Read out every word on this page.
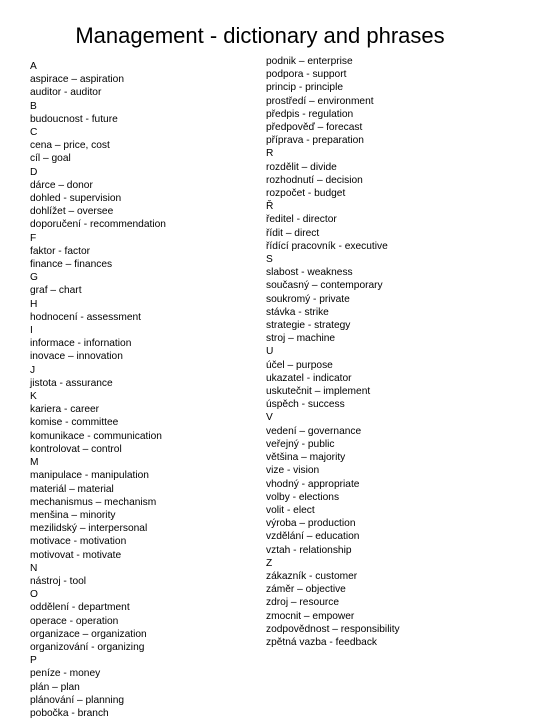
Management - dictionary and phrases
A
aspirace – aspiration
auditor - auditor
B
budoucnost - future
C
cena – price, cost
cíl – goal
D
dárce – donor
dohled - supervision
dohlížet – oversee
doporučení - recommendation
F
faktor - factor
finance – finances
G
graf – chart
H
hodnocení - assessment
I
informace - infornation
inovace – innovation
J
jistota - assurance
K
kariera - career
komise - committee
komunikace - communication
kontrolovat – control
M
manipulace - manipulation
materiál – material
mechanismus – mechanism
menšina – minority
mezilidský – interpersonal
motivace - motivation
motivovat - motivate
N
nástroj - tool
O
oddělení - department
operace - operation
organizace – organization
organizování - organizing
P
peníze - money
plán – plan
plánování – planning
pobočka - branch
podnik – enterprise
podpora - support
princip - principle
prostředí – environment
předpis - regulation
předpověď – forecast
příprava - preparation
R
rozdělit – divide
rozhodnutí – decision
rozpočet - budget
Ř
ředitel - director
řídit – direct
řídící pracovník - executive
S
slabost - weakness
současný – contemporary
soukromý - private
stávka - strike
strategie - strategy
stroj – machine
U
účel – purpose
ukazatel - indicator
uskutečnit – implement
úspěch - success
V
vedení – governance
veřejný - public
většina – majority
vize - vision
vhodný - appropriate
volby - elections
volit - elect
výroba – production
vzdělání – education
vztah - relationship
Z
zákazník - customer
záměr – objective
zdroj – resource
zmocnit – empower
zodpovědnost – responsibility
zpětná vazba - feedback
